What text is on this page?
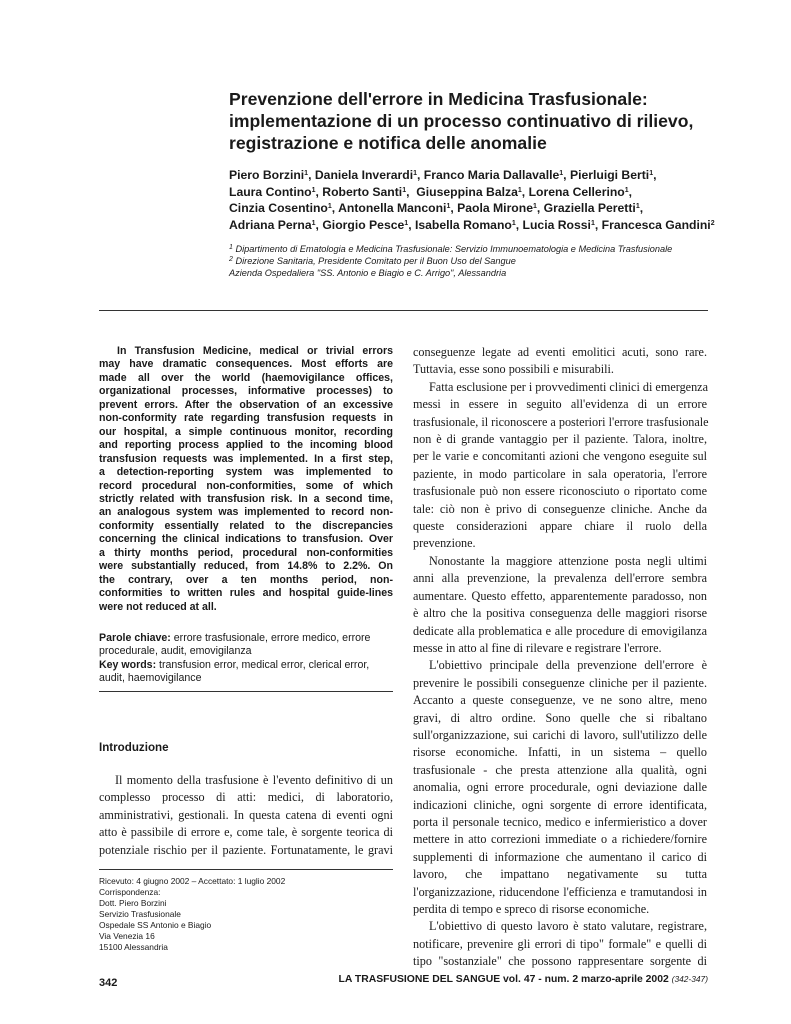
Prevenzione dell'errore in Medicina Trasfusionale:
implementazione di un processo continuativo di rilievo,
registrazione e notifica delle anomalie
Piero Borzini$^1$, Daniela Inverardi$^1$, Franco Maria Dallavalle$^1$, Pierluigi Berti$^1$,
Laura Contino$^1$, Roberto Santi$^1$,  Giuseppina Balza$^1$, Lorena Cellerino$^1$,
Cinzia Cosentino$^1$, Antonella Manconi$^1$, Paola Mirone$^1$, Graziella Peretti$^1$,
Adriana Perna$^1$, Giorgio Pesce$^1$, Isabella Romano$^1$, Lucia Rossi$^1$, Francesca Gandini$^2$
$^1$ Dipartimento di Ematologia e Medicina Trasfusionale: Servizio Immunoematologia e Medicina Trasfusionale
$^2$ Direzione Sanitaria, Presidente Comitato per il Buon Uso del Sangue
Azienda Ospedaliera "SS. Antonio e Biagio e C. Arrigo", Alessandria
In Transfusion Medicine, medical or trivial errors
may have dramatic consequences. Most efforts are
made all over the world (haemovigilance offices,
organizational processes, informative processes) to
prevent errors. After the observation of an excessive
non-conformity rate regarding transfusion requests in
our hospital, a simple continuous monitor, recording
and reporting process applied to the incoming blood
transfusion requests was implemented. In a first step,
a detection-reporting system was implemented to
record procedural non-conformities, some of which
strictly related with transfusion risk. In a second time,
an analogous system was implemented to record non-
conformity essentially related to the discrepancies
concerning the clinical indications to transfusion. Over
a thirty months period, procedural non-conformities
were substantially reduced, from 14.8% to 2.2%. On
the contrary, over a ten months period, non-
conformities to written rules and hospital guide-lines
were not reduced at all.
Parole chiave: errore trasfusionale, errore medico, errore procedurale, audit, emovigilanza
Key words: transfusion error, medical error, clerical error, audit, haemovigilance
Introduzione
Il momento della trasfusione è l'evento definitivo di un
complesso processo di atti: medici, di laboratorio,
amministrativi, gestionali. In questa catena di eventi ogni
atto è passibile di errore e, come tale, è sorgente teorica di
potenziale rischio per il paziente. Fortunatamente, le gravi
Ricevuto: 4 giugno 2002 – Accettato: 1 luglio 2002
Corrispondenza:
Dott. Piero Borzini
Servizio Trasfusionale
Ospedale SS Antonio e Biagio
Via Venezia 16
15100 Alessandria
conseguenze legate ad eventi emolitici acuti, sono rare.
Tuttavia, esse sono possibili e misurabili.
Fatta esclusione per i provvedimenti clinici di emergenza
messi in essere in seguito all'evidenza di un errore
trasfusionale, il riconoscere a posteriori l'errore trasfusionale
non è di grande vantaggio per il paziente. Talora, inoltre,
per le varie e concomitanti azioni che vengono eseguite sul
paziente, in modo particolare in sala operatoria, l'errore
trasfusionale può non essere riconosciuto o riportato come
tale: ciò non è privo di conseguenze cliniche. Anche da
queste considerazioni appare chiare il ruolo della
prevenzione.
Nonostante la maggiore attenzione posta negli ultimi
anni alla prevenzione, la prevalenza dell'errore sembra
aumentare. Questo effetto, apparentemente paradosso, non
è altro che la positiva conseguenza delle maggiori risorse
dedicate alla problematica e alle procedure di emovigilanza
messe in atto al fine di rilevare e registrare l'errore.
L'obiettivo principale della prevenzione dell'errore è
prevenire le possibili conseguenze cliniche per il paziente.
Accanto a queste conseguenze, ve ne sono altre, meno
gravi, di altro ordine. Sono quelle che si ribaltano
sull'organizzazione, sui carichi di lavoro, sull'utilizzo delle
risorse economiche. Infatti, in un sistema – quello
trasfusionale - che presta attenzione alla qualità, ogni
anomalia, ogni errore procedurale, ogni deviazione dalle
indicazioni cliniche, ogni sorgente di errore identificata,
porta il personale tecnico, medico e infermieristico a dover
mettere in atto correzioni immediate o a richiedere/fornire
supplementi di informazione che aumentano il carico di
lavoro, che impattano negativamente su tutta
l'organizzazione, riducendone l'efficienza e tramutandosi in
perdita di tempo e spreco di risorse economiche.
L'obiettivo di questo lavoro è stato valutare, registrare,
notificare, prevenire gli errori di tipo" formale" e quelli di
tipo "sostanziale" che possono rappresentare sorgente di
342	LA TRASFUSIONE DEL SANGUE vol. 47 - num. 2 marzo-aprile 2002 (342-347)
